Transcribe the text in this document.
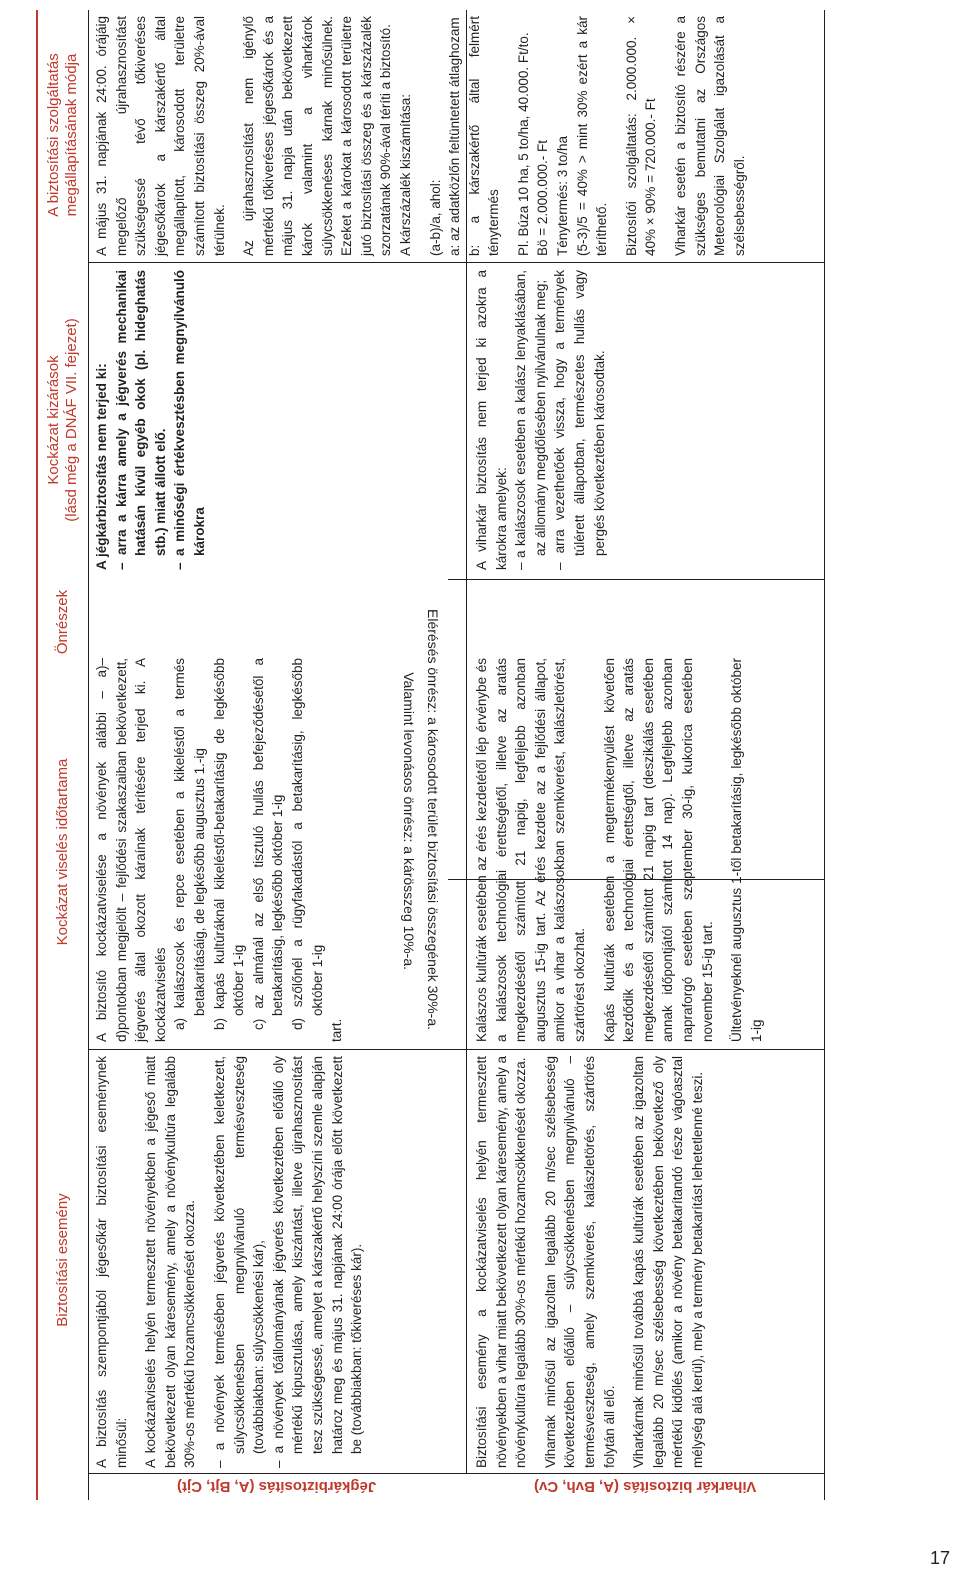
Biztosítási esemény
Kockázat viselés időtartama
Önrészek
Kockázat kizárások (lásd még a DNÁF VII. fejezet)
A biztosítási szolgáltatás megállapításának módja
Jégkárbiztosítás (A, Bjt, Cjt)	Viharkár biztosítás (A, Bvh, Cv)

A biztosítás szempontjából jégesőkár biztosítási eseménynek minősül: A kockázatviselés helyén termesztett növényekben a jégeső miatt bekövetkezett olyan káresemény, amely a növénykultúra legalább 30%-os mértékű hozamcsökkenését okozza. – a növények termésében jégverés következtében keletkezett, súlycsökkenésben megnyilvánuló termésveszteség (továbbiakban: súlycsökkenési kár), – a növények tőállományának jégverés következtében előálló oly mértékű kipusztulása, amely kiszántást, illetve újrahasznosítást tesz szükségessé, amelyet a kárszakértő helyszíni szemle alapján határoz meg és május 31. napjának 24:00 órája előtt következett be (továbbiakban: tőkiveréses kár).

A biztosító kockázatviselése a növények alábbi – a)–d)pontokban megjelölt – fejlődési szakaszaiban bekövetkezett, jégverés által okozott káraínak térítésére terjed ki. A kockázatviselés a) kalászosok és repce esetében a kikeléstől a termés betakarításáig, de legkésőbb augusztus 1.-ig b) kapás kultúráknál kikeléstől-betakarításig de legkésőbb október 1-ig c) az almánál az első tisztuló hullás befejeződésétől a betakarításig, legkésőbb október 1-ig d) szőlőnél a rügyfakadástól a betakarításig, legkésőbb október 1-ig

tart.

A jégkárbiztosítás nem terjed ki: – arra a kárra amely a jégverés mechanikai hatásán kívül egyéb okok (pl. hideghatás stb.) miatt állott elő. – a minőségi értékvesztésben megnyilvánuló károkra

A május 31. napjának 24:00. órájáig megelőző újrahasznosítást szükségessé tévő tőkiveréses jégesőkárok a kárszakértő által megállapított, károsodott területre számított biztosítási összeg 20%-ával térülnek. Az újrahasznosítást nem igénylő mértékű tőkiveréses jégesőkárok és a május 31. napja után bekövetkezett károk valamint a viharkárok súlycsökkenéses kárnak minősülnek. Ezeket a károkat a károsodott területre jutó biztosítási összeg és a kárszázalék szorzatának 90%-ával téríti a biztosító. A kárszázalék kiszámítása: (a-b)/a, ahol: a: az adatközlőn feltüntetett átlaghozam b: a kárszakértő által felmért ténytermés Pl. Búza 10 ha, 5 to/ha, 40.000. Ft/to. Bö = 2.000.000.- Ft Ténytermés: 3 to/ha (5-3)/5 = 40% > mint 30% ezért a kár téríthető. Biztosítói szolgáltatás: 2.000.000. × 40% × 90% = 720.000.- Ft Viharkár esetén a biztosító részére a szükséges bemutatni az Országos Meteorológiai Szolgálat igazolását a szélsebességről.

Elérésés önrész: a károsodott terület biztosítási összegének 30%-a.
Valamint levonásos önrész: a kárösszeg 10%-a.

Biztosítási esemény a kockázatviselés helyén termesztett növényekben a vihar miatt bekövetkezett olyan káresemény, amely a növénykultúra legalább 30%-os mértékű hozamcsökkenését okozza. Viharnak minősül az igazoltan legalább 20 m/sec szélsebesség következtében előálló – súlycsökkenésben megnyilvánuló – termésveszteség, amely szemkiverés, kalászletörés, szártörés folytán áll elő. Viharkárnak minősül továbbá kapás kultúrák esetében az igazoltan legalább 20 m/sec szélsebesség következtében bekövetkező oly mértékű kidőlés (amikor a növény betakarítandó része vágóasztal mélység alá kerül), mely a termény betakarítást lehetetlenné teszi.

Kalászos kultúrák esetében az érés kezdetétől lép érvénybe és a kalászosok technológiai érettségétől, illetve az aratás megkezdésétől számított 21 napig, legfeljebb azonban augusztus 15-ig tart. Az érés kezdete az a fejlődési állapot, amikor a vihar a kalászosokban szemkiverést, kalászletörést, szártörést okozhat. Kapás kultúrák esetében a megtermékenyülést követően kezdődik és a technológiai érettségtől, illetve az aratás megkezdésétől számított 21 napig tart (deszikálás esetében annak időpontjától számított 14 nap). Legfeljebb azonban napraforgó esetében szeptember 30-ig, kukorica esetében november 15-ig tart. Ültetvényeknél augusztus 1-től betakarításig, legkésőbb október 1-ig

A viharkár biztosítás nem terjed ki azokra a károkra amelyek: – a kalászosok esetében a kalász lenyaklásában, az állomány megdőlésében nyilvánulnak meg; – arra vezethetőek vissza, hogy a termények túlérett állapotban, természetes hullás vagy pergés következtében károsodtak.

17
